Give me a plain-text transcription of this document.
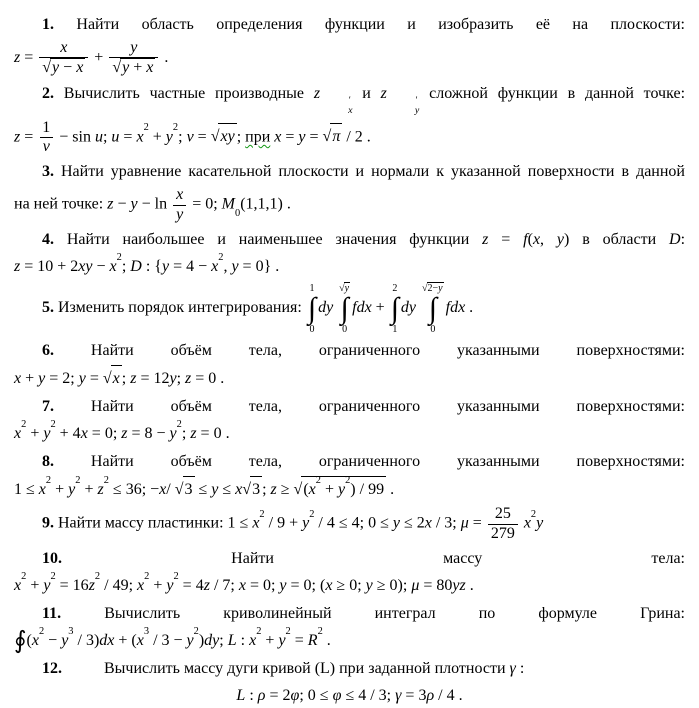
1. Найти область определения функции и изобразить её на плоскости:
$z = \frac{x}{√y - x} + \frac{y}{√y + x}$ .
2. Вычислить частные производные z	′
x
и z	′
y
сложной функции в данной точке:
$z = \frac{1}{v} - \sin u$; $u = x^2 + y^2$; v = √xy ; при x = y = √π / 2 .
3. Найти уравнение касательной плоскости и нормали к указанной поверхности в данной
на ней точке: $z - y - \ln \frac{x}{y} = 0$; $M_0(1,1,1)$ .
4. Найти наибольшее и наименьшее значения функции z = f(x, y) в области D:
$z = 10 + 2xy - x^2$; D : {$y = 4 - x^2$, y = 0} .
5. Изменить порядок интегрирования:
1
∫
0
dy
√y
∫
0
fdx +
2
∫
1
dy
√2−y
∫
0
fdx .
6. Найти объём тела, ограниченного указанными поверхностями:
x + y = 2; y = √x ; z = 12y; z = 0 .
7. Найти объём тела, ограниченного указанными поверхностями:
$x^2 + y^2 + 4x = 0$; $z = 8 - y^2$; z = 0 .
8. Найти объём тела, ограниченного указанными поверхностями:
$1 \le x^2 + y^2 + z^2 \le 36$; −x/ √3 ≤ y ≤ x√3 ; $z \ge √(x^2 + y^2) / 99$ .
9. Найти массу пластинки: $1 \le x^2 / 9 + y^2 / 4 \le 4$; 0 ≤ y ≤ 2x / 3; $\mu = \frac{25}{279} x^2y$
10. Найти массу тела:
$x^2 + y^2 = 16z^2 / 49$; $x^2 + y^2 = 4z / 7$; x = 0; y = 0; (x ≥ 0; y ≥ 0); μ = 80yz .
11. Вычислить криволинейный интеграл по формуле Грина:
$∮(x^2 - y^3 / 3)dx + (x^3 / 3 - y^2)dy$; L : $x^2 + y^2 = R^2$ .
12.	Вычислить массу дуги кривой (L) при заданной плотности γ :
L : ρ = 2φ; 0 ≤ φ ≤ 4 / 3; γ = 3ρ / 4 .
